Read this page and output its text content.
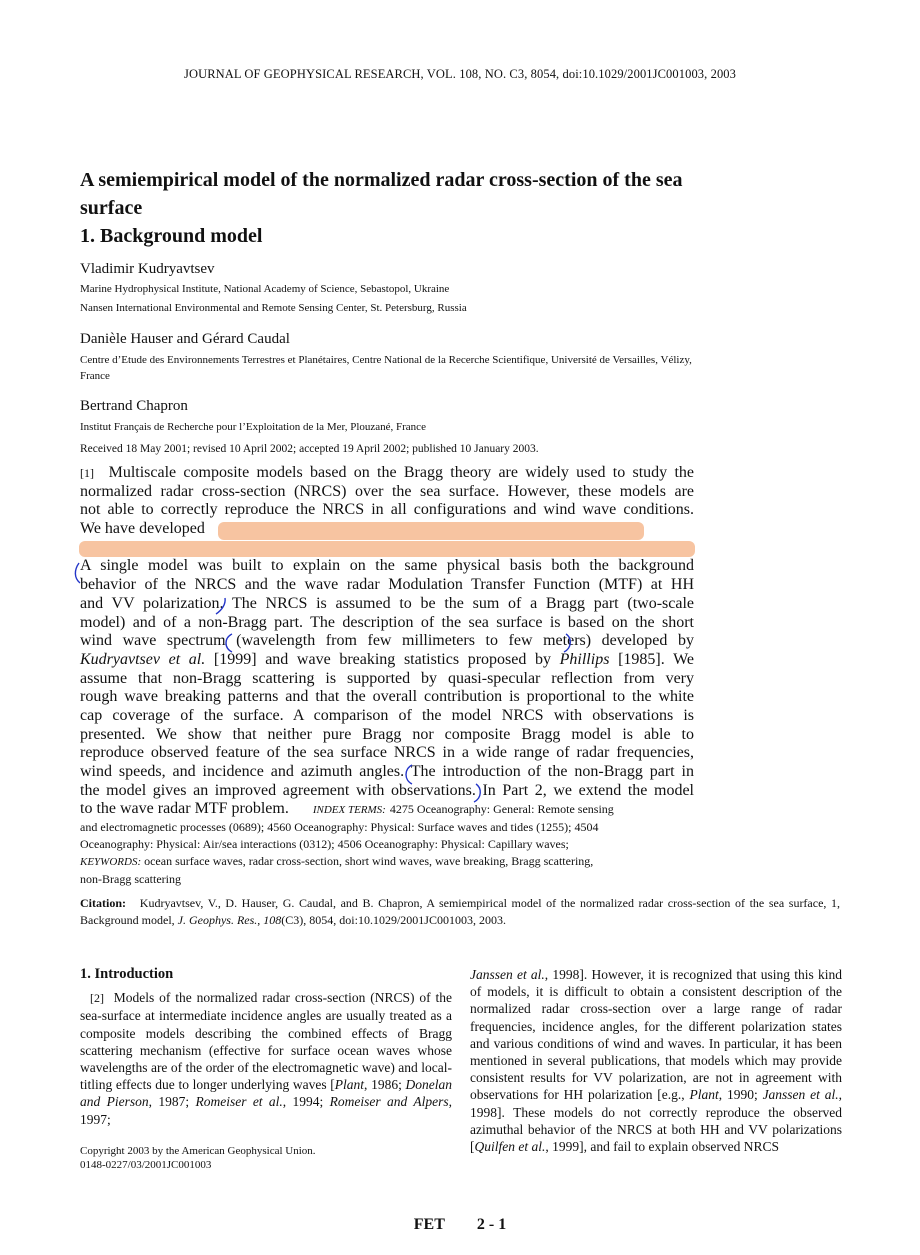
JOURNAL OF GEOPHYSICAL RESEARCH, VOL. 108, NO. C3, 8054, doi:10.1029/2001JC001003, 2003
A semiempirical model of the normalized radar cross-section of the sea
surface
1. Background model
Vladimir Kudryavtsev
Marine Hydrophysical Institute, National Academy of Science, Sebastopol, Ukraine
Nansen International Environmental and Remote Sensing Center, St. Petersburg, Russia
Danièle Hauser and Gérard Caudal
Centre d’Etude des Environnements Terrestres et Planétaires, Centre National de la Recerche Scientifique, Université de Versailles, Vélizy, France
Bertrand Chapron
Institut Français de Recherche pour l’Exploitation de la Mer, Plouzané, France
Received 18 May 2001; revised 10 April 2002; accepted 19 April 2002; published 10 January 2003.
[1] Multiscale composite models based on the Bragg theory are widely used to study the
normalized radar cross-section (NRCS) over the sea surface. However, these models are
not able to correctly reproduce the NRCS in all configurations and wind wave conditions.
We have developed
A single model was built to explain on the same physical basis both the background
behavior of the NRCS and the wave radar Modulation Transfer Function (MTF) at HH
and VV polarization. The NRCS is assumed to be the sum of a Bragg part (two-scale
model) and of a non-Bragg part. The description of the sea surface is based on the short
wind wave spectrum (wavelength from few millimeters to few meters) developed by
Kudryavtsev et al. [1999] and wave breaking statistics proposed by Phillips [1985]. We
assume that non-Bragg scattering is supported by quasi-specular reflection from very
rough wave breaking patterns and that the overall contribution is proportional to the white
cap coverage of the surface. A comparison of the model NRCS with observations is
presented. We show that neither pure Bragg nor composite Bragg model is able to
reproduce observed feature of the sea surface NRCS in a wide range of radar frequencies,
wind speeds, and incidence and azimuth angles. The introduction of the non-Bragg part in
the model gives an improved agreement with observations. In Part 2, we extend the model
to the wave radar MTF problem. INDEX TERMS: 4275 Oceanography: General: Remote sensing
and electromagnetic processes (0689); 4560 Oceanography: Physical: Surface waves and tides (1255); 4504
Oceanography: Physical: Air/sea interactions (0312); 4506 Oceanography: Physical: Capillary waves;
KEYWORDS: ocean surface waves, radar cross-section, short wind waves, wave breaking, Bragg scattering,
non-Bragg scattering
Citation: Kudryavtsev, V., D. Hauser, G. Caudal, and B. Chapron, A semiempirical model of the normalized radar cross-section of the sea surface, 1, Background model, J. Geophys. Res., 108(C3), 8054, doi:10.1029/2001JC001003, 2003.
1. Introduction
[2] Models of the normalized radar cross-section (NRCS) of the sea-surface at intermediate incidence angles are usually treated as a composite models describing the combined effects of Bragg scattering mechanism (effective for surface ocean waves whose wavelengths are of the order of the electromagnetic wave) and local-titling effects due to longer underlying waves [Plant, 1986; Donelan and Pierson, 1987; Romeiser et al., 1994; Romeiser and Alpers, 1997;
Copyright 2003 by the American Geophysical Union.
0148-0227/03/2001JC001003
Janssen et al., 1998]. However, it is recognized that using this kind of models, it is difficult to obtain a consistent description of the normalized radar cross-section over a large range of radar frequencies, incidence angles, for the different polarization states and various conditions of wind and waves. In particular, it has been mentioned in several publications, that models which may provide consistent results for VV polarization, are not in agreement with observations for HH polarization [e.g., Plant, 1990; Janssen et al., 1998]. These models do not correctly reproduce the observed azimuthal behavior of the NRCS at both HH and VV polarizations [Quilfen et al., 1999], and fail to explain observed NRCS
FET 2 - 1
